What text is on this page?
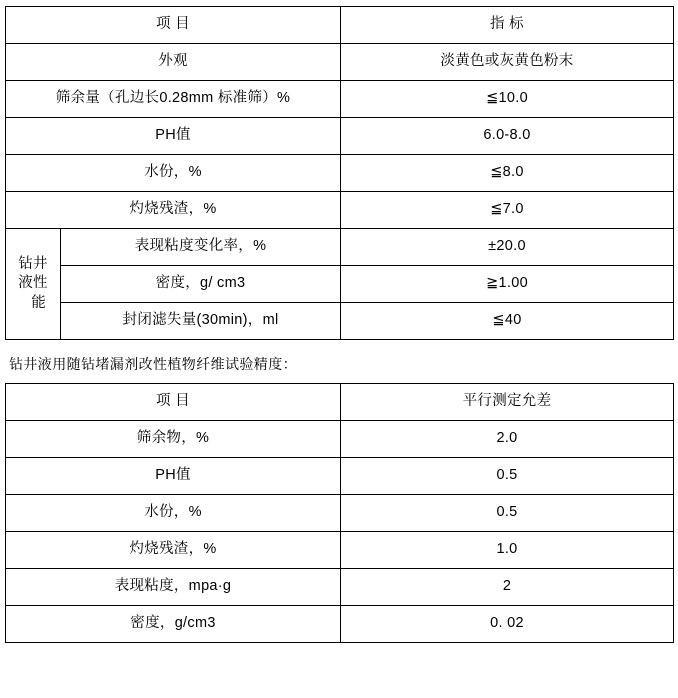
项 目		指 标
外观		淡黄色或灰黄色粉末
筛余量（孔边长0.28mm 标准筛）%		≦10.0
PH值		6.0-8.0
水份，%		≦8.0
灼烧残渣，%		≦7.0

钻井
液性
能	表现粘度变化率，%	±20.0
	密度，g/ cm3	≧1.00
	封闭滤失量(30min)，ml	≦40
钻井液用随钻堵漏剂改性植物纤维试验精度：
项 目	平行测定允差
筛余物，%	2.0
PH值	0.5
水份，%	0.5
灼烧残渣，%	1.0
表现粘度，mpa·g	2
密度，g/cm3	0. 02
